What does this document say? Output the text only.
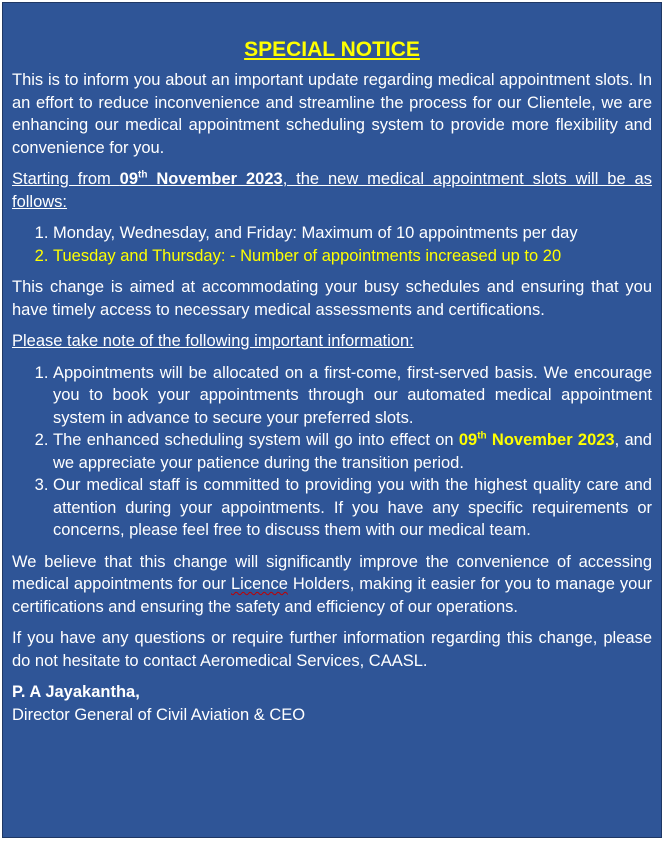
SPECIAL NOTICE

This is to inform you about an important update regarding medical appointment slots. In an effort to reduce inconvenience and streamline the process for our Clientele, we are enhancing our medical appointment scheduling system to provide more flexibility and convenience for you.

Starting from 09th November 2023, the new medical appointment slots will be as follows:

1. Monday, Wednesday, and Friday: Maximum of 10 appointments per day
2. Tuesday and Thursday: - Number of appointments increased up to 20

This change is aimed at accommodating your busy schedules and ensuring that you have timely access to necessary medical assessments and certifications.

Please take note of the following important information:

1. Appointments will be allocated on a first-come, first-served basis. We encourage you to book your appointments through our automated medical appointment system in advance to secure your preferred slots.
2. The enhanced scheduling system will go into effect on 09th November 2023, and we appreciate your patience during the transition period.
3. Our medical staff is committed to providing you with the highest quality care and attention during your appointments. If you have any specific requirements or concerns, please feel free to discuss them with our medical team.

We believe that this change will significantly improve the convenience of accessing medical appointments for our Licence Holders, making it easier for you to manage your certifications and ensuring the safety and efficiency of our operations.

If you have any questions or require further information regarding this change, please do not hesitate to contact Aeromedical Services, CAASL.

P. A Jayakantha,
Director General of Civil Aviation & CEO
